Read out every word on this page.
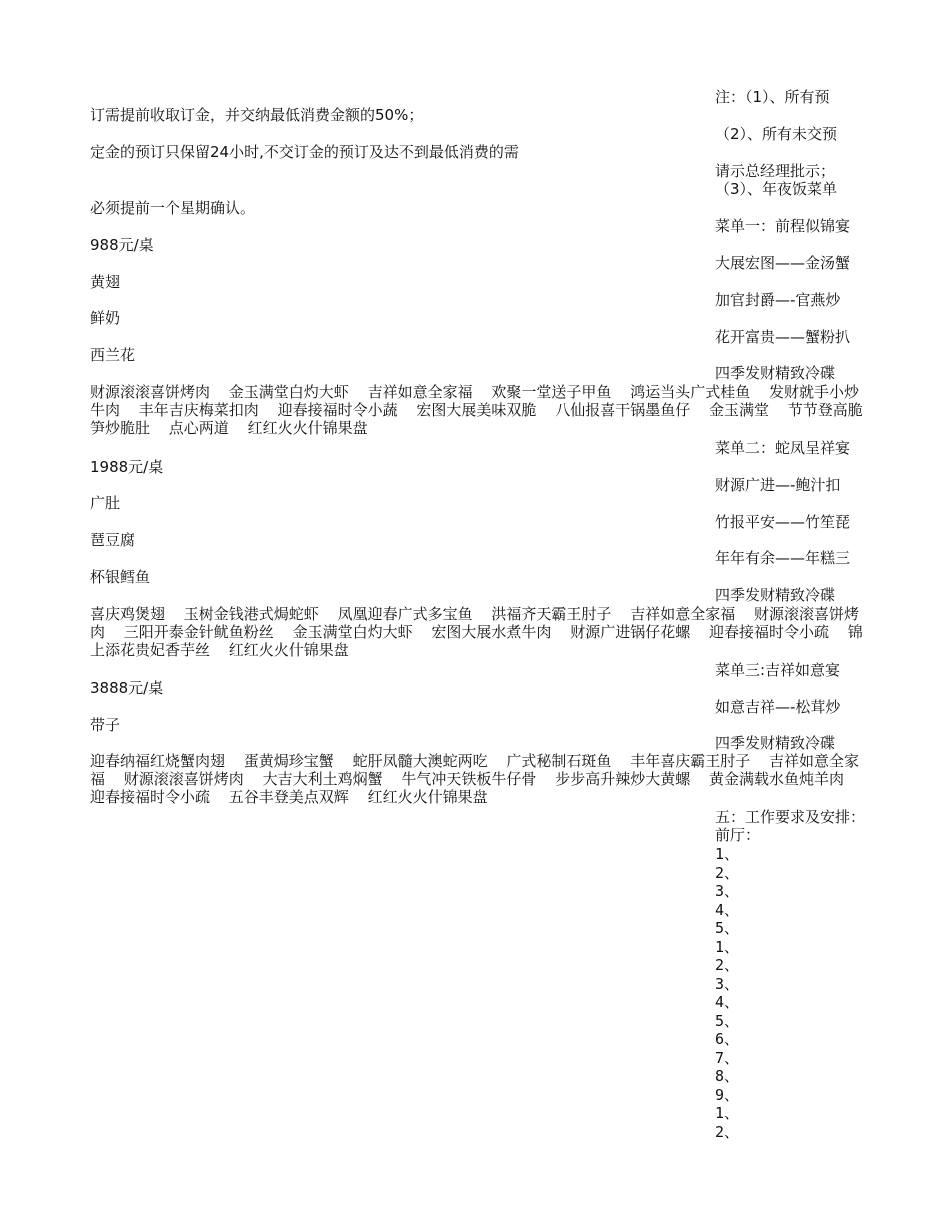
订需提前收取订金，并交纳最低消费金额的50%；
定金的预订只保留24小时,不交订金的预订及达不到最低消费的需
必须提前一个星期确认。
988元/桌
黄翅
鲜奶
西兰花
财源滚滚喜饼烤肉 金玉满堂白灼大虾 吉祥如意全家福 欢聚一堂送子甲鱼 鸿运当头广式桂鱼 发财就手小炒牛肉 丰年吉庆梅菜扣肉 迎春接福时令小蔬 宏图大展美味双脆 八仙报喜干锅墨鱼仔 金玉满堂 节节登高脆笋炒脆肚 点心两道 红红火火什锦果盘
1988元/桌
广肚
琶豆腐
杯银鳕鱼
喜庆鸡煲翅 玉树金钱港式焗蛇虾 凤凰迎春广式多宝鱼 洪福齐天霸王肘子 吉祥如意全家福 财源滚滚喜饼烤肉 三阳开泰金针鱿鱼粉丝 金玉满堂白灼大虾 宏图大展水煮牛肉 财源广进锅仔花螺 迎春接福时令小疏 锦上添花贵妃香芋丝 红红火火什锦果盘
3888元/桌
带子
迎春纳福红烧蟹肉翅 蛋黄焗珍宝蟹 蛇肝凤髓大澳蛇两吃 广式秘制石斑鱼 丰年喜庆霸王肘子 吉祥如意全家福 财源滚滚喜饼烤肉 大吉大利土鸡焖蟹 牛气冲天铁板牛仔骨 步步高升辣炒大黄螺 黄金满载水鱼炖羊肉 迎春接福时令小疏 五谷丰登美点双辉 红红火火什锦果盘
注：（1）、所有预
（2）、所有未交预
请示总经理批示；
（3）、年夜饭菜单
菜单一：前程似锦宴
大展宏图——金汤蟹
加官封爵—-官燕炒
花开富贵——蟹粉扒
四季发财精致冷碟
菜单二：蛇凤呈祥宴
财源广进—-鲍汁扣
竹报平安——竹笙琵
年年有余——年糕三
四季发财精致冷碟
菜单三:吉祥如意宴
如意吉祥—-松茸炒
四季发财精致冷碟
五：工作要求及安排：
前厅：
1、
2、
3、
4、
5、
1、
2、
3、
4、
5、
6、
7、
8、
9、
1、
2、
